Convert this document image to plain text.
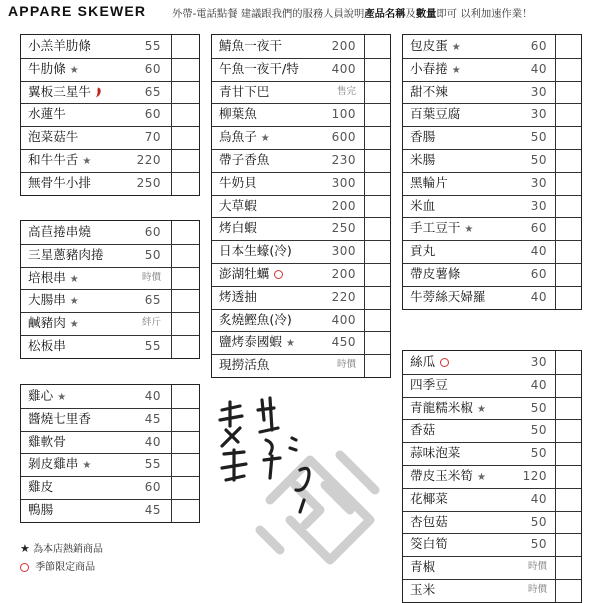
APPARE SKEWER	外帶-電話點餐 建議跟我們的服務人員說明產品名稱及數量即可 以利加速作業！
小羔羊肋條	55
牛肋條 ★	60
翼板三星牛	65
水蓮牛	60
泡菜菇牛	70
和牛牛舌 ★	220
無骨牛小排	250
高苣捲串燒	60
三星蔥豬肉捲	50
培根串 ★	時價
大腸串 ★	65
鹹豬肉 ★	絆斤
松板串	55
雞心 ★	40
醬燒七里香	45
雞軟骨	40
剝皮雞串 ★	55
雞皮	60
鴨腸	45
鯖魚一夜干	200
午魚一夜干/特	400
青甘下巴	售完
柳葉魚	100
烏魚子 ★	600
帶子香魚	230
牛奶貝	300
大草蝦	200
烤白蝦	250
日本生蠔(冷)	300
澎湖牡蠣	200
烤透抽	220
炙燒鰹魚(冷)	400
鹽烤泰國蝦 ★	450
現撈活魚	時價
包皮蛋 ★	60
小春捲 ★	40
甜不辣	30
百葉豆腐	30
香腸	50
米腸	50
黑輪片	30
米血	30
手工豆干 ★	60
貢丸	40
帶皮薯條	60
牛蒡絲天婦羅	40
絲瓜	30
四季豆	40
青龍糯米椒 ★	50
香菇	50
蒜味泡菜	50
帶皮玉米筍 ★	120
花椰菜	40
杏包菇	50
筊白筍	50
青椒	時價
玉米	時價
★ 為本店熱銷商品
季節限定商品
